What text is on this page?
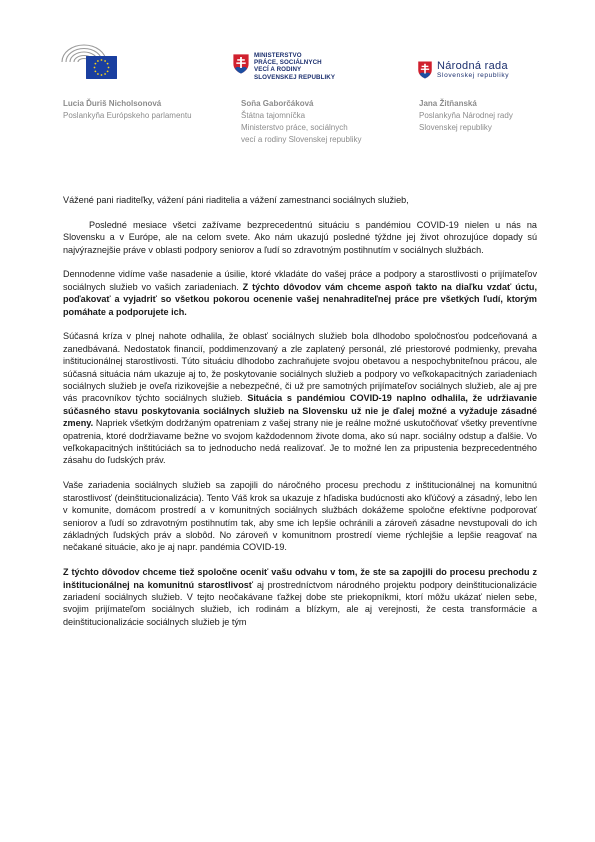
MINISTERSTVO
PRÁCE, SOCIÁLNYCH
VECÍ A RODINY
SLOVENSKEJ REPUBLIKY
Národná rada
Slovenskej republiky
Lucia Ďuriš Nicholsonová
Poslankyňa Európskeho parlamentu
Soňa Gaborčáková
Štátna tajomníčka
Ministerstvo práce, sociálnych
vecí a rodiny Slovenskej republiky
Jana Žitňanská
Poslankyňa Národnej rady
Slovenskej republiky

Vážené pani riaditeľky, vážení páni riaditelia a vážení zamestnanci sociálnych služieb,

Posledné mesiace všetci zažívame bezprecedentnú situáciu s pandémiou COVID-19 nielen u nás na Slovensku a v Európe, ale na celom svete. Ako nám ukazujú posledné týždne jej život ohrozujúce dopady sú najvýraznejšie práve v oblasti podpory seniorov a ľudí so zdravotným postihnutím v sociálnych službách.

Dennodenne vidíme vaše nasadenie a úsilie, ktoré vkladáte do vašej práce a podpory a starostlivosti o prijímateľov sociálnych služieb vo vašich zariadeniach. Z týchto dôvodov vám chceme aspoň takto na diaľku vzdať úctu, poďakovať a vyjadriť so všetkou pokorou ocenenie vašej nenahraditeľnej práce pre všetkých ľudí, ktorým pomáhate a podporujete ich.

Súčasná kríza v plnej nahote odhalila, že oblasť sociálnych služieb bola dlhodobo spoločnosťou podceňovaná a zanedbávaná. Nedostatok financií, poddimenzovaný a zle zaplatený personál, zlé priestorové podmienky, prevaha inštitucionálnej starostlivosti. Túto situáciu dlhodobo zachraňujete svojou obetavou a nespochybniteľnou prácou, ale súčasná situácia nám ukazuje aj to, že poskytovanie sociálnych služieb a podpory vo veľkokapacitných zariadeniach sociálnych služieb je oveľa rizikovejšie a nebezpečné, či už pre samotných prijímateľov sociálnych služieb, ale aj pre vás pracovníkov týchto sociálnych služieb. Situácia s pandémiou COVID-19 naplno odhalila, že udržiavanie súčasného stavu poskytovania sociálnych služieb na Slovensku už nie je ďalej možné a vyžaduje zásadné zmeny. Napriek všetkým dodržaným opatreniam z vašej strany nie je reálne možné uskutočňovať všetky preventívne opatrenia, ktoré dodržiavame bežne vo svojom každodennom živote doma, ako sú napr. sociálny odstup a ďalšie. Vo veľkokapacitných inštitúciách sa to jednoducho nedá realizovať. Je to možné len za pripustenia bezprecedentného zásahu do ľudských práv.

Vaše zariadenia sociálnych služieb sa zapojili do náročného procesu prechodu z inštitucionálnej na komunitnú starostlivosť (deinštitucionalizácia). Tento Váš krok sa ukazuje z hľadiska budúcnosti ako kľúčový a zásadný, lebo len v komunite, domácom prostredí a v komunitných sociálnych službách dokážeme spoločne efektívne podporovať seniorov a ľudí so zdravotným postihnutím tak, aby sme ich lepšie ochránili a zároveň zásadne nevstupovali do ich základných ľudských práv a slobôd. No zároveň v komunitnom prostredí vieme rýchlejšie a lepšie reagovať na nečakané situácie, ako je aj napr. pandémia COVID-19.

Z týchto dôvodov chceme tiež spoločne oceniť vašu odvahu v tom, že ste sa zapojili do procesu prechodu z inštitucionálnej na komunitnú starostlivosť aj prostredníctvom národného projektu podpory deinštitucionalizácie zariadení sociálnych služieb. V tejto neočakávane ťažkej dobe ste priekopníkmi, ktorí môžu ukázať nielen sebe, svojim prijímateľom sociálnych služieb, ich rodinám a blízkym, ale aj verejnosti, že cesta transformácie a deinštitucionalizácie sociálnych služieb je tým
